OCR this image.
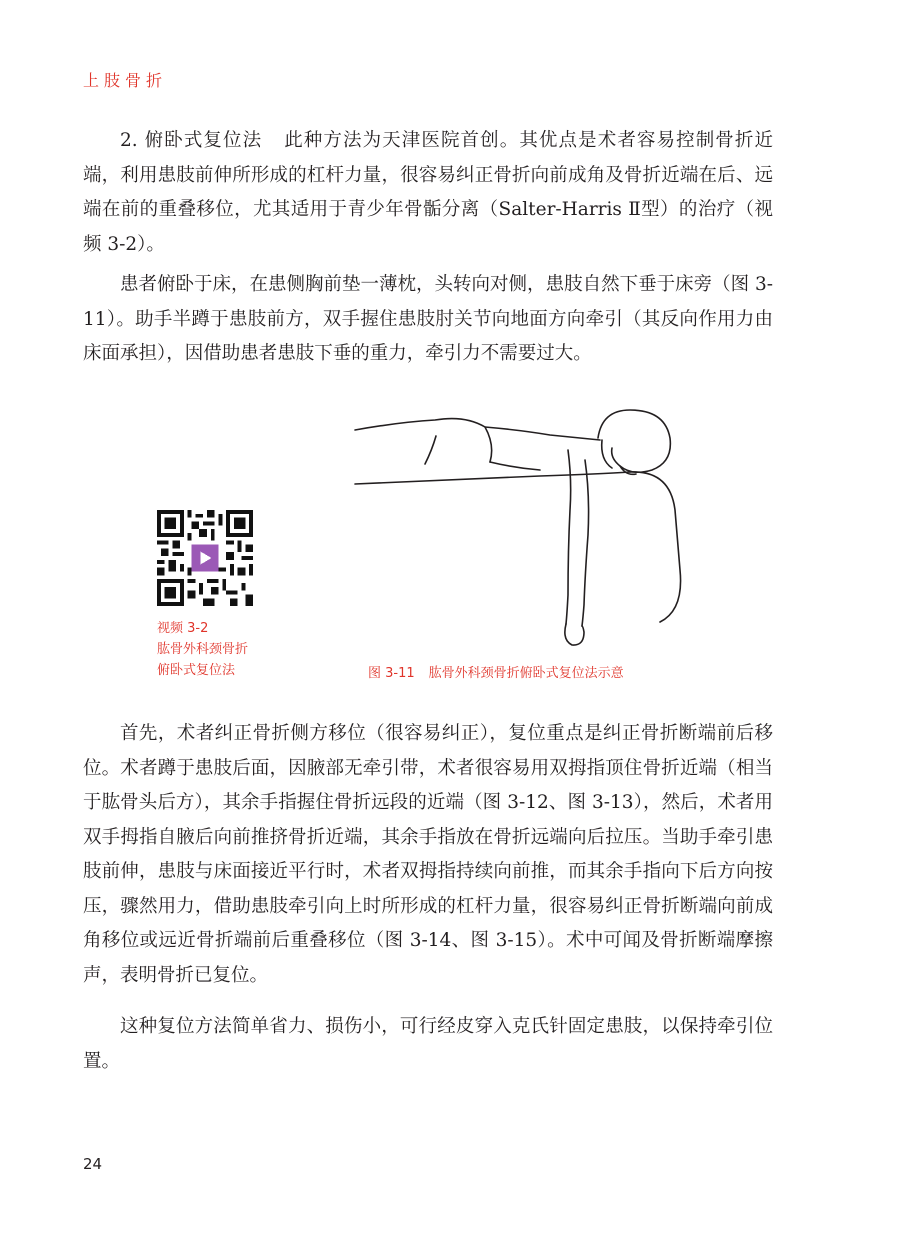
上肢骨折

2. 俯卧式复位法 此种方法为天津医院首创。其优点是术者容易控制骨折近端，利用患肢前伸所形成的杠杆力量，很容易纠正骨折向前成角及骨折近端在后、远端在前的重叠移位，尤其适用于青少年骨骺分离（Salter-Harris Ⅱ型）的治疗（视频 3-2）。

患者俯卧于床，在患侧胸前垫一薄枕，头转向对侧，患肢自然下垂于床旁（图 3-11）。助手半蹲于患肢前方，双手握住患肢肘关节向地面方向牵引（其反向作用力由床面承担），因借助患者患肢下垂的重力，牵引力不需要过大。

视频 3-2
肱骨外科颈骨折
俯卧式复位法	图 3-11 肱骨外科颈骨折俯卧式复位法示意

首先，术者纠正骨折侧方移位（很容易纠正），复位重点是纠正骨折断端前后移位。术者蹲于患肢后面，因腋部无牵引带，术者很容易用双拇指顶住骨折近端（相当于肱骨头后方），其余手指握住骨折远段的近端（图 3-12、图 3-13），然后，术者用双手拇指自腋后向前推挤骨折近端，其余手指放在骨折远端向后拉压。当助手牵引患肢前伸，患肢与床面接近平行时，术者双拇指持续向前推，而其余手指向下后方向按压，骤然用力，借助患肢牵引向上时所形成的杠杆力量，很容易纠正骨折断端向前成角移位或远近骨折端前后重叠移位（图 3-14、图 3-15）。术中可闻及骨折断端摩擦声，表明骨折已复位。

这种复位方法简单省力、损伤小，可行经皮穿入克氏针固定患肢，以保持牵引位置。

24
